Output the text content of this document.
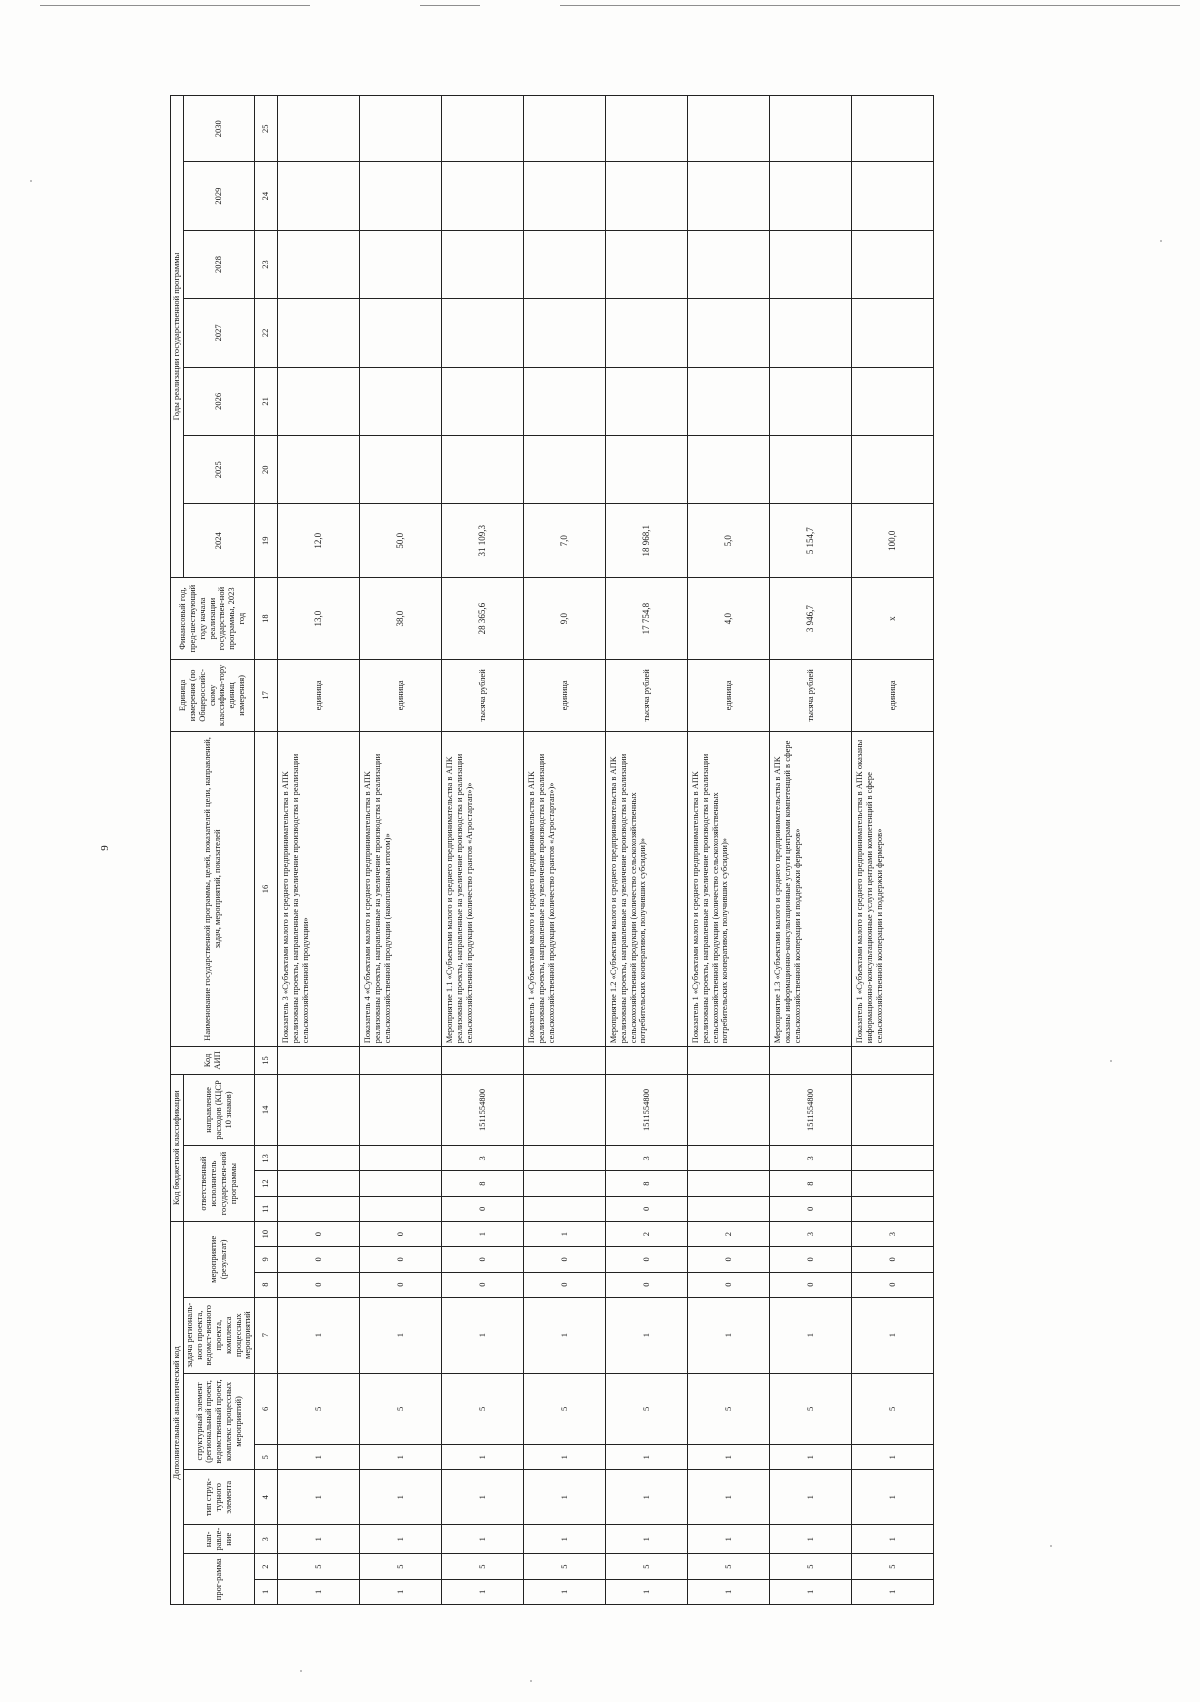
9
Дополнительный аналитический код										Код бюджетной классификации				Код АИП	Наименование государственной программы, целей, показателей цели, направлений, задач, мероприятий, показателей	Единица измерения (по Общероссийс-скому классифика-тору единиц измерения)	Финансовый год, пред-шествующий году начала реализации государствен-ной программы, 2023 год	Годы реализации государственной программы						
прог-рамма		нап-равле-ние	тип струк-турного элемента	структурный элемент (региональный проект, ведомственный проект, комплекс процессных мероприятий)		задача региональ-ного проекта, ведомст-венного проекта, комплекса процессных мероприятий	мероприятие (результат)			ответственный исполнитель государствен-ной программы			направление расходов (КЦСР 10 знаков)					2024	2025	2026	2027	2028	2029	2030

1	2	3	4	5	6	7	8	9	10	11	12	13	14	15	16	17	18	19	20	21	22	23	24	25
1	5	1	1	1	5	1	0	0	0						Показатель 3 «Субъектами малого и среднего предпринимательства в АПК реализованы проекты, направленные на увеличение производства и реализации сельскохозяйственной продукции»	единица	13,0	12,0						
1	5	1	1	1	5	1	0	0	0						Показатель 4 «Субъектами малого и среднего предпринимательства в АПК реализованы проекты, направленные на увеличение производства и реализации сельскохозяйственной продукции (накопленным итогом)»	единица	38,0	50,0						
1	5	1	1	1	5	1	0	0	1	0	8	3	1511554800		Мероприятие 1.1 «Субъектами малого и среднего предпринимательства в АПК реализованы проекты, направленные на увеличение производства и реализации сельскохозяйственной продукции (количество грантов «Агростартап»)»	тысяча рублей	28 365,6	31 109,3						
1	5	1	1	1	5	1	0	0	1						Показатель 1 «Субъектами малого и среднего предпринимательства в АПК реализованы проекты, направленные на увеличение производства и реализации сельскохозяйственной продукции (количество грантов «Агростартап»)»	единица	9,0	7,0						
1	5	1	1	1	5	1	0	0	2	0	8	3	1511554800		Мероприятие 1.2 «Субъектами малого и среднего предпринимательства в АПК реализованы проекты, направленные на увеличение производства и реализации сельскохозяйственной продукции (количество сельскохозяйственных потребительских кооперативов, получивших субсидии)»	тысяча рублей	17 754,8	18 968,1						
1	5	1	1	1	5	1	0	0	2						Показатель 1 «Субъектами малого и среднего предпринимательства в АПК реализованы проекты, направленные на увеличение производства и реализации сельскохозяйственной продукции (количество сельскохозяйственных потребительских кооперативов, получивших субсидии)»	единица	4,0	5,0						
1	5	1	1	1	5	1	0	0	3	0	8	3	1511554800		Мероприятие 1.3 «Субъектами малого и среднего предпринимательства в АПК оказаны информационно-консультационные услуги центрами компетенций в сфере сельскохозяйственной кооперации и поддержки фермеров»	тысяча рублей	3 946,7	5 154,7						
1	5	1	1	1	5	1	0	0	3						Показатель 1 «Субъектами малого и среднего предпринимательства в АПК оказаны информационно-консультационные услуги центрами компетенций в сфере сельскохозяйственной кооперации и поддержки фермеров»	единица	х	100,0						
